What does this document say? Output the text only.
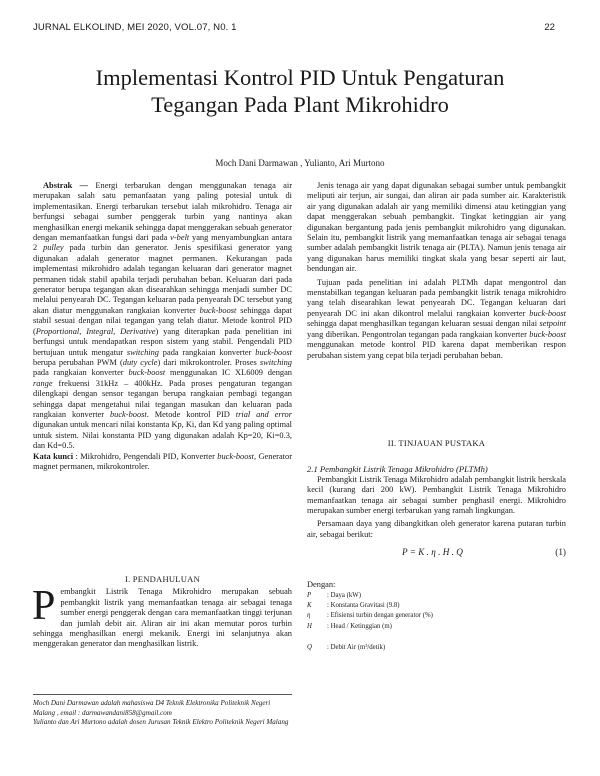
JURNAL ELKOLIND, MEI 2020, VOL.07, N0. 1	22
Implementasi Kontrol PID Untuk Pengaturan
Tegangan Pada Plant Mikrohidro
Moch Dani Darmawan , Yulianto, Ari Murtono

Abstrak — Energi terbarukan dengan menggunakan tenaga air merupakan salah satu pemanfaatan yang paling potesial untuk di implementasikan. Energi terbarukan tersebut ialah mikrohidro. Tenaga air berfungsi sebagai sumber penggerak turbin yang nantinya akan menghasilkan energi mekanik sehingga dapat menggerakan sebuah generator dengan memanfaatkan fungsi dari pada v-belt yang menyambungkan antara 2 pulley pada turbin dan generator. Jenis spesifikasi generator yang digunakan adalah generator magnet permanen. Kekurangan pada implementasi mikrohidro adalah tegangan keluaran dari generator magnet permanen tidak stabil apabila terjadi perubahan beban. Keluaran dari pada generator berupa tegangan akan disearahkan sehingga menjadi sumber DC melalui penyearah DC. Tegangan keluaran pada penyearah DC tersebut yang akan diatur menggunakan rangkaian konverter buck-boost sehingga dapat stabil sesuai dengan nilai tegangan yang telah diatur. Metode kontrol PID (Proportional, Integral, Derivative) yang diterapkan pada penelitian ini berfungsi untuk mendapatkan respon sistem yang stabil. Pengendali PID bertujuan untuk mengatur switching pada rangkaian konverter buck-boost berupa perubahan PWM (duty cycle) dari mikrokontroler. Proses switching pada rangkaian konverter buck-boost menggunakan IC XL6009 dengan range frekuensi 31kHz – 400kHz. Pada proses pengaturan tegangan dilengkapi dengan sensor tegangan berupa rangkaian pembagi tegangan sehingga dapat mengetahui nilai tegangan masukan dan keluaran pada rangkaian konverter buck-boost. Metode kontrol PID trial and error digunakan untuk mencari nilai konstanta Kp, Ki, dan Kd yang paling optimal untuk sistem. Nilai konstanta PID yang digunakan adalah Kp=20, Ki=0.3, dan Kd=0.5.

Kata kunci : Mikrohidro, Pengendali PID, Konverter buck-boost, Generator magnet permanen, mikrokontroler.

I. PENDAHULUAN

Pembangkit Listrik Tenaga Mikrohidro merupakan sebuah pembangkit listrik yang memanfaatkan tenaga air sebagai tenaga sumber energi penggerak dengan cara memanfaatkan tinggi terjunan dan jumlah debit air. Aliran air ini akan memutar poros turbin sehingga menghasilkan energi mekanik. Energi ini selanjutnya akan menggerakan generator dan menghasilkan listrik.

Moch Dani Darmawan adalah mahasiswa D4 Teknik Elektronika Politeknik Negeri Malang , email : darmawandani858@gmail.com

Yulianto dan Ari Murtono adalah dosen Jurusan Teknik Elektro Politeknik Negeri Malang

Jenis tenaga air yang dapat digunakan sebagai sumber untuk pembangkit meliputi air terjun, air sungai, dan aliran air pada sumber air. Karakteristik air yang digunakan adalah air yang memiliki dimensi atau ketinggian yang dapat menggerakan sebuah pembangkit. Tingkat ketinggian air yang digunakan bergantung pada jenis pembangkit mikrohidro yang digunakan. Selain itu, pembangkit listrik yang memanfaatkan tenaga air sebagai tenaga sumber adalah pembangkit listrik tenaga air (PLTA). Namun jenis tenaga air yang digunakan harus memiliki tingkat skala yang besar seperti air laut, bendungan air.

Tujuan pada penelitian ini adalah PLTMh dapat mengontrol dan menstabilkan tegangan keluaran pada pembangkit listrik tenaga mikrohidro yang telah disearahkan lewat penyearah DC. Tegangan keluaran dari penyearah DC ini akan dikontrol melalui rangkaian konverter buck-boost sehingga dapat menghasilkan tegangan keluaran sesuai dengan nilai setpoint yang diberikan. Pengontrolan tegangan pada rangkaian konverter buck-boost menggunakan metode kontrol PID karena dapat memberikan respon perubahan sistem yang cepat bila terjadi perubahan beban.

II. TINJAUAN PUSTAKA
2.1 Pembangkit Listrik Tenaga Mikrohidro (PLTMh)

Pembangkit Listrik Tenaga Mikrohidro adalah pembangkit listrik berskala kecil (kurang dari 200 kW). Pembangkit Listrik Tenaga Mikrohidro memanfaatkan tenaga air sebagai sumber penghasil energi. Mikrohidro merupakan sumber energi terbarukan yang ramah lingkungan.

Persamaan daya yang dibangkitkan oleh generator karena putaran turbin air, sebagai berikut:

P = K . η . H . Q	(1)

Dengan:

P	: Daya (kW)
K	: Konstanta Gravitasi (9.8)
η	: Efisiensi turbin dengan generator (%)
H	: Head / Ketinggian (m)
Q	: Debit Air (m³/detik)
